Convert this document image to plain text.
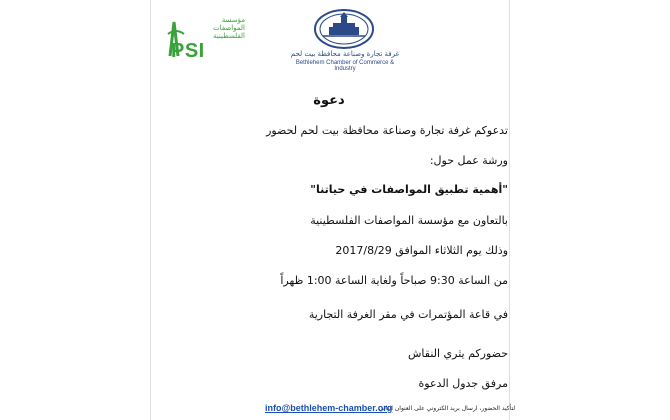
PSI
مؤسسة المواصفات الفلسطينية
غرفة تجارة وصناعة محافظة بيت لحم
Bethlehem Chamber of Commerce & Industry
دعوة
تدعوكم غرفة تجارة وصناعة محافظة بيت لحم لحضور
ورشة عمل حول:
"أهمية تطبيق المواصفات في حياتنا"
بالتعاون مع مؤسسة المواصفات الفلسطينية
وذلك يوم الثلاثاء الموافق 2017/8/29
من الساعة 9:30 صباحاً ولغاية الساعة 1:00 ظهراً
في قاعة المؤتمرات في مقر الغرفة التجارية
حضوركم يثري النقاش
مرفق جدول الدعوة
لتأكيد الحضور، ارسال بريد الكتروني على العنوان التالي
info@bethlehem-chamber.org
